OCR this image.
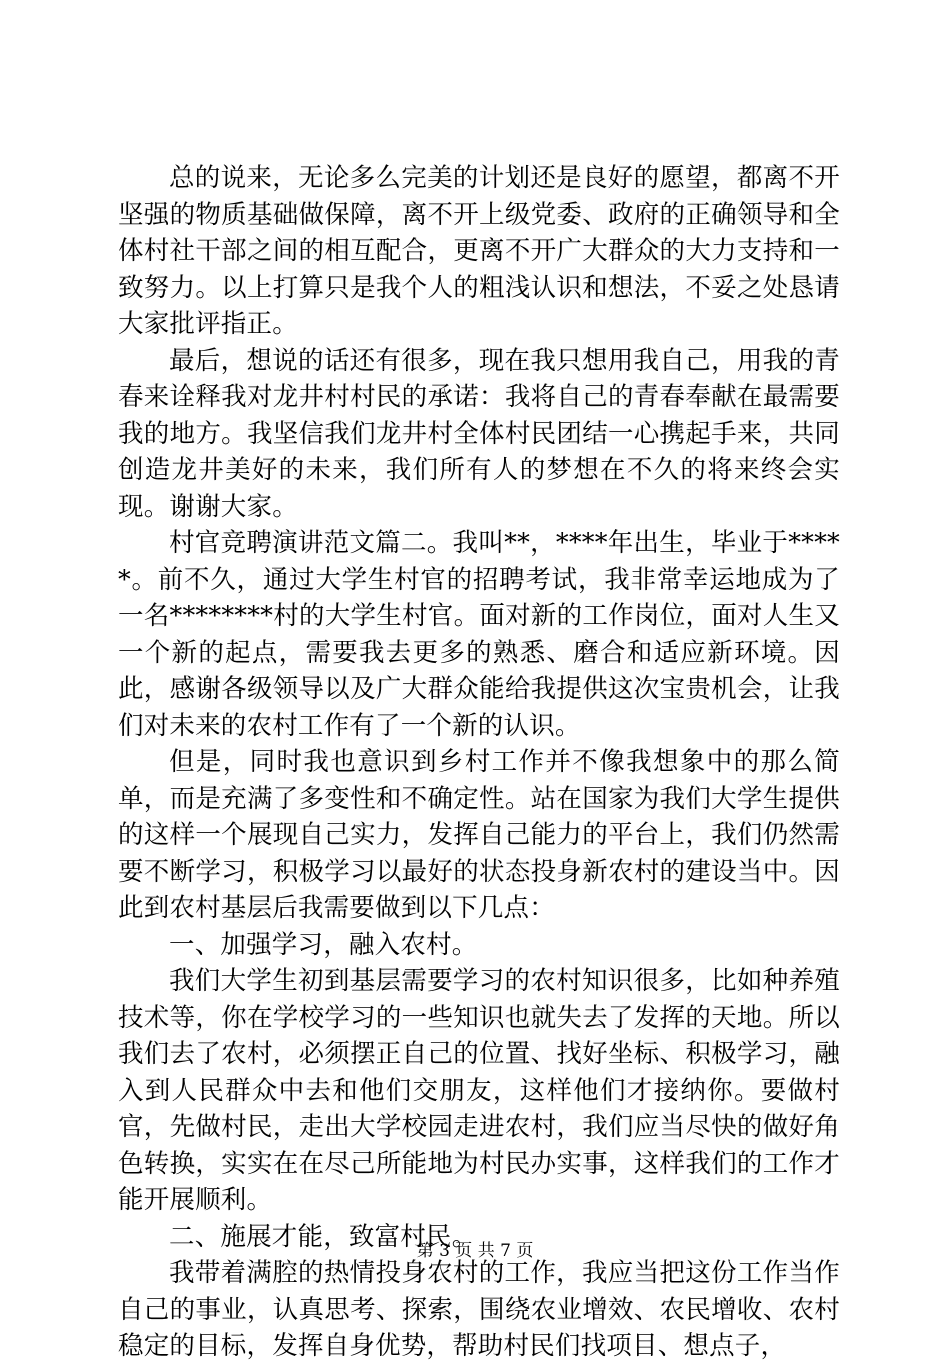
总的说来，无论多么完美的计划还是良好的愿望，都离不开坚强的物质基础做保障，离不开上级党委、政府的正确领导和全体村社干部之间的相互配合，更离不开广大群众的大力支持和一致努力。以上打算只是我个人的粗浅认识和想法，不妥之处恳请大家批评指正。

最后，想说的话还有很多，现在我只想用我自己，用我的青春来诠释我对龙井村村民的承诺：我将自己的青春奉献在最需要我的地方。我坚信我们龙井村全体村民团结一心携起手来，共同创造龙井美好的未来，我们所有人的梦想在不久的将来终会实现。谢谢大家。

村官竞聘演讲范文篇二。我叫**，****年出生，毕业于*****。前不久，通过大学生村官的招聘考试，我非常幸运地成为了一名********村的大学生村官。面对新的工作岗位，面对人生又一个新的起点，需要我去更多的熟悉、磨合和适应新环境。因此，感谢各级领导以及广大群众能给我提供这次宝贵机会，让我们对未来的农村工作有了一个新的认识。

但是，同时我也意识到乡村工作并不像我想象中的那么简单，而是充满了多变性和不确定性。站在国家为我们大学生提供的这样一个展现自己实力，发挥自己能力的平台上，我们仍然需要不断学习，积极学习以最好的状态投身新农村的建设当中。因此到农村基层后我需要做到以下几点：

一、加强学习，融入农村。

我们大学生初到基层需要学习的农村知识很多，比如种养殖技术等，你在学校学习的一些知识也就失去了发挥的天地。所以我们去了农村，必须摆正自己的位置、找好坐标、积极学习，融入到人民群众中去和他们交朋友，这样他们才接纳你。要做村官，先做村民，走出大学校园走进农村，我们应当尽快的做好角色转换，实实在在尽己所能地为村民办实事，这样我们的工作才能开展顺利。

二、施展才能，致富村民。

我带着满腔的热情投身农村的工作，我应当把这份工作当作自己的事业，认真思考、探索，围绕农业增效、农民增收、农村稳定的目标，发挥自身优势，帮助村民们找项目、想点子，

第 3 页 共 7 页
